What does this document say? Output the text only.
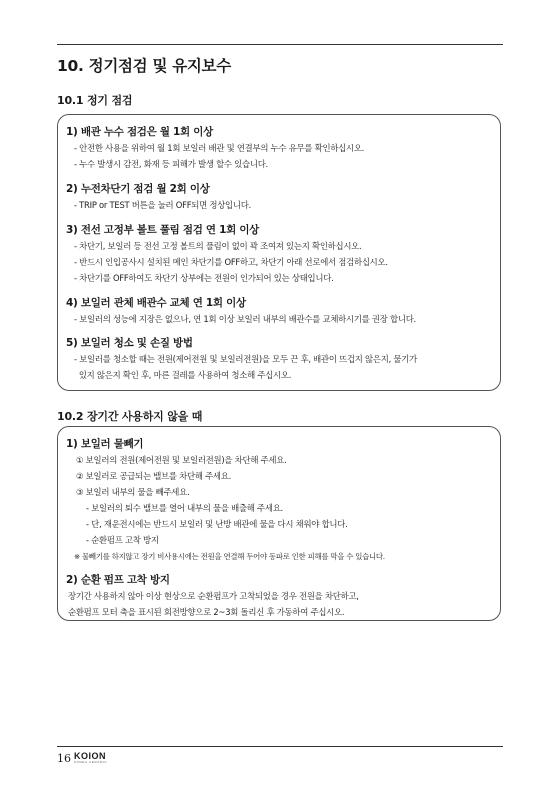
10. 정기점검 및 유지보수
10.1 정기 점검
1) 배관 누수 점검은 월 1회 이상
- 안전한 사용을 위하여 월 1회 보일러 배관 및 연결부의 누수 유무를 확인하십시오.
- 누수 발생시 감전, 화재 등 피해가 발생 할수 있습니다.
2) 누전차단기 점검 월 2회 이상
- TRIP or TEST 버튼을 눌러 OFF되면 정상입니다.
3) 전선 고정부 볼트 풀림 점검 연 1회 이상
- 차단기, 보일러 등 전선 고정 볼트의 풀림이 없이 꽉 조여져 있는지 확인하십시오.
- 반드시 인입공사시 설치된 메인 차단기를 OFF하고, 차단기 아래 선로에서 점검하십시오.
- 차단기를 OFF하여도 차단기 상부에는 전원이 인가되어 있는 상태입니다.
4) 보일러 관체 배관수 교체 연 1회 이상
- 보일러의 성능에 지장은 없으나, 연 1회 이상 보일러 내부의 배관수를 교체하시기를 권장 합니다.
5) 보일러 청소 및 손질 방법
- 보일러를 청소할 때는 전원(제어전원 및 보일러전원)을 모두 끈 후, 배관이 뜨겁지 않은지, 물기가
있지 않은지 확인 후, 마른 걸레를 사용하여 청소해 주십시오.
10.2 장기간 사용하지 않을 때
1) 보일러 물빼기
① 보일러의 전원(제어전원 및 보일러전원)을 차단해 주세요.
② 보일러로 공급되는 밸브를 차단해 주세요.
③ 보일러 내부의 물을 빼주세요.
- 보일러의 퇴수 밸브를 열어 내부의 물을 배출해 주세요.
- 단, 재운전시에는 반드시 보일러 및 난방 배관에 물을 다시 채워야 합니다.
- 순환펌프 고착 방지
※ 물빼기를 하지않고 장기 비사용시에는 전원을 연결해 두어야 동파로 인한 피해를 막을 수 있습니다.
2) 순환 펌프 고착 방지
장기간 사용하지 않아 이상 현상으로 순환펌프가 고착되었을 경우 전원을 차단하고,
순환펌프 모터 축을 표시된 회전방향으로 2~3회 돌리신 후 가동하여 주십시오.
16 KOION
KOREA·CERAMIC
